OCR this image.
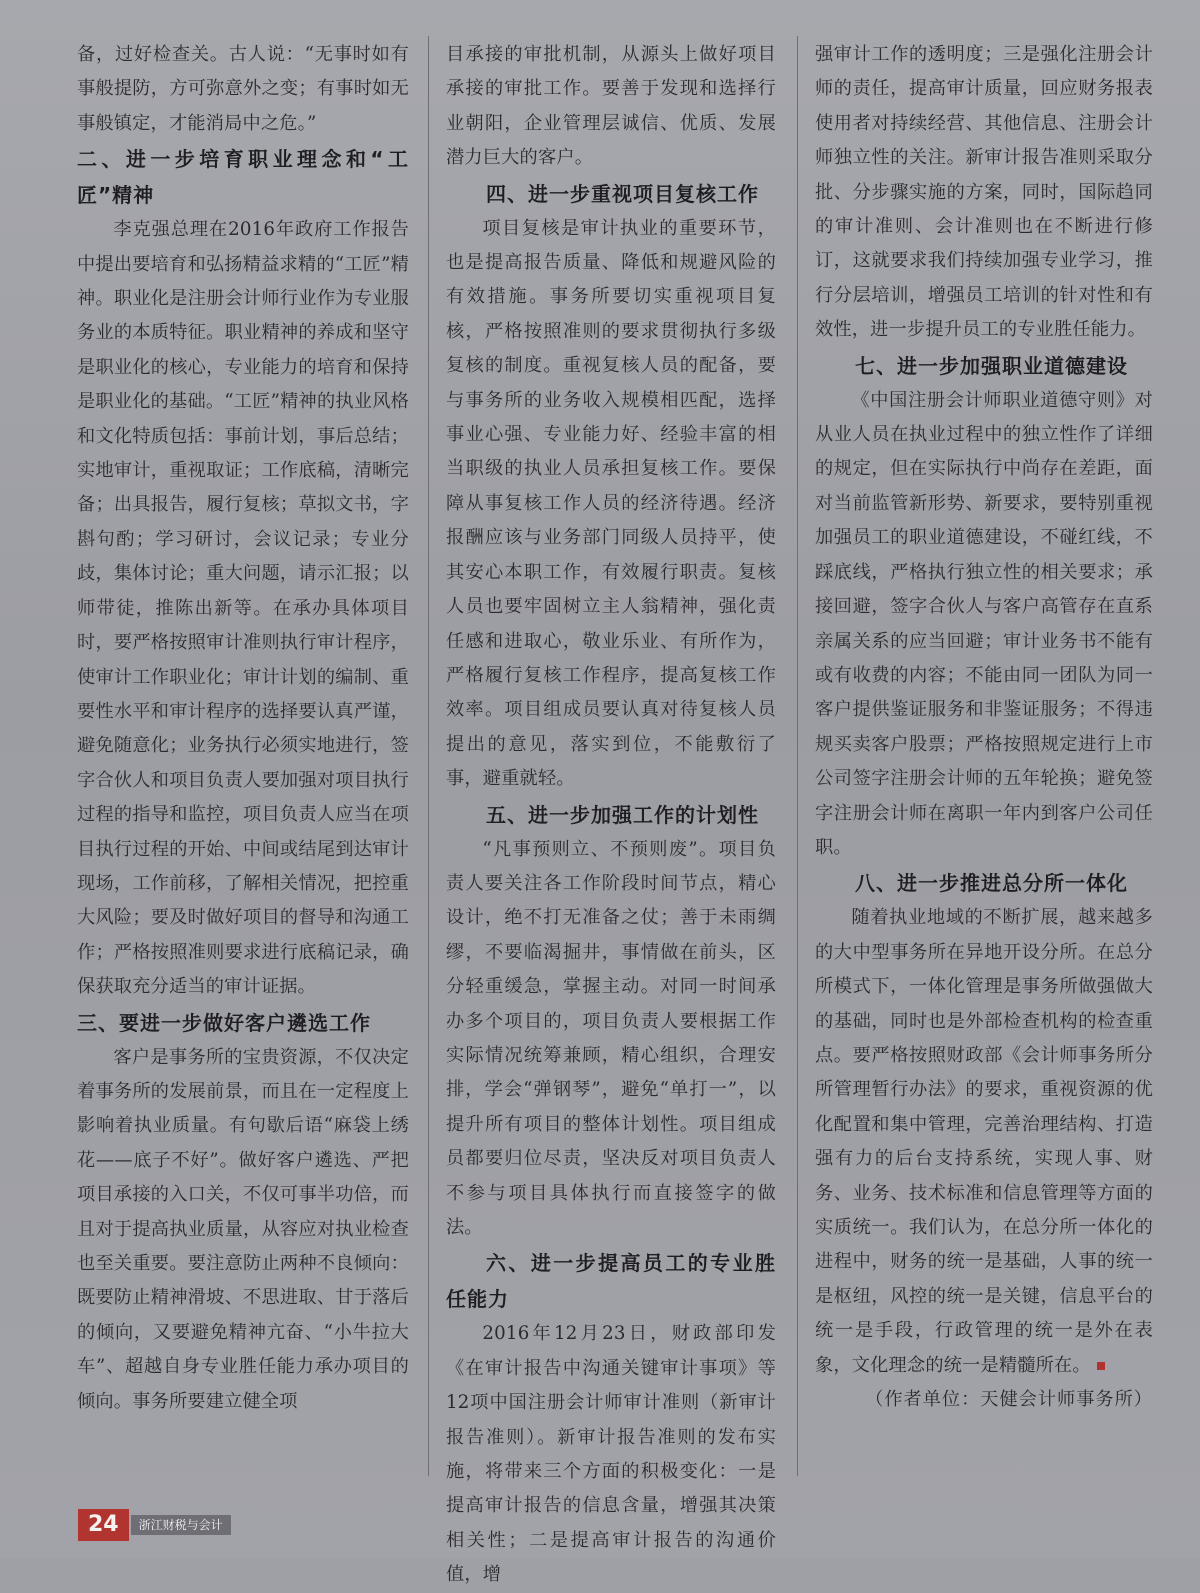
备，过好检查关。古人说：“无事时如有事般提防，方可弥意外之变；有事时如无事般镇定，才能消局中之危。”

二、进一步培育职业理念和“工匠”精神

李克强总理在2016年政府工作报告中提出要培育和弘扬精益求精的“工匠”精神。职业化是注册会计师行业作为专业服务业的本质特征。职业精神的养成和坚守是职业化的核心，专业能力的培育和保持是职业化的基础。“工匠”精神的执业风格和文化特质包括：事前计划，事后总结；实地审计，重视取证；工作底稿，清晰完备；出具报告，履行复核；草拟文书，字斟句酌；学习研讨，会议记录；专业分歧，集体讨论；重大问题，请示汇报；以师带徒，推陈出新等。在承办具体项目时，要严格按照审计准则执行审计程序，使审计工作职业化；审计计划的编制、重要性水平和审计程序的选择要认真严谨，避免随意化；业务执行必须实地进行，签字合伙人和项目负责人要加强对项目执行过程的指导和监控，项目负责人应当在项目执行过程的开始、中间或结尾到达审计现场，工作前移，了解相关情况，把控重大风险；要及时做好项目的督导和沟通工作；严格按照准则要求进行底稿记录，确保获取充分适当的审计证据。

三、要进一步做好客户遴选工作

客户是事务所的宝贵资源，不仅决定着事务所的发展前景，而且在一定程度上影响着执业质量。有句歇后语“麻袋上绣花——底子不好”。做好客户遴选、严把项目承接的入口关，不仅可事半功倍，而且对于提高执业质量，从容应对执业检查也至关重要。要注意防止两种不良倾向：既要防止精神滑坡、不思进取、甘于落后的倾向，又要避免精神亢奋、“小牛拉大车”、超越自身专业胜任能力承办项目的倾向。事务所要建立健全项

目承接的审批机制，从源头上做好项目承接的审批工作。要善于发现和选择行业朝阳，企业管理层诚信、优质、发展潜力巨大的客户。

四、进一步重视项目复核工作

项目复核是审计执业的重要环节，也是提高报告质量、降低和规避风险的有效措施。事务所要切实重视项目复核，严格按照准则的要求贯彻执行多级复核的制度。重视复核人员的配备，要与事务所的业务收入规模相匹配，选择事业心强、专业能力好、经验丰富的相当职级的执业人员承担复核工作。要保障从事复核工作人员的经济待遇。经济报酬应该与业务部门同级人员持平，使其安心本职工作，有效履行职责。复核人员也要牢固树立主人翁精神，强化责任感和进取心，敬业乐业、有所作为，严格履行复核工作程序，提高复核工作效率。项目组成员要认真对待复核人员提出的意见，落实到位，不能敷衍了事，避重就轻。

五、进一步加强工作的计划性

“凡事预则立、不预则废”。项目负责人要关注各工作阶段时间节点，精心设计，绝不打无准备之仗；善于未雨绸缪，不要临渴掘井，事情做在前头，区分轻重缓急，掌握主动。对同一时间承办多个项目的，项目负责人要根据工作实际情况统筹兼顾，精心组织，合理安排，学会“弹钢琴”，避免“单打一”，以提升所有项目的整体计划性。项目组成员都要归位尽责，坚决反对项目负责人不参与项目具体执行而直接签字的做法。

六、进一步提高员工的专业胜任能力

2016年12月23日，财政部印发《在审计报告中沟通关键审计事项》等12项中国注册会计师审计准则（新审计报告准则）。新审计报告准则的发布实施，将带来三个方面的积极变化：一是提高审计报告的信息含量，增强其决策相关性；二是提高审计报告的沟通价值，增

强审计工作的透明度；三是强化注册会计师的责任，提高审计质量，回应财务报表使用者对持续经营、其他信息、注册会计师独立性的关注。新审计报告准则采取分批、分步骤实施的方案，同时，国际趋同的审计准则、会计准则也在不断进行修订，这就要求我们持续加强专业学习，推行分层培训，增强员工培训的针对性和有效性，进一步提升员工的专业胜任能力。

七、进一步加强职业道德建设

《中国注册会计师职业道德守则》对从业人员在执业过程中的独立性作了详细的规定，但在实际执行中尚存在差距，面对当前监管新形势、新要求，要特别重视加强员工的职业道德建设，不碰红线，不踩底线，严格执行独立性的相关要求；承接回避，签字合伙人与客户高管存在直系亲属关系的应当回避；审计业务书不能有或有收费的内容；不能由同一团队为同一客户提供鉴证服务和非鉴证服务；不得违规买卖客户股票；严格按照规定进行上市公司签字注册会计师的五年轮换；避免签字注册会计师在离职一年内到客户公司任职。

八、进一步推进总分所一体化

随着执业地域的不断扩展，越来越多的大中型事务所在异地开设分所。在总分所模式下，一体化管理是事务所做强做大的基础，同时也是外部检查机构的检查重点。要严格按照财政部《会计师事务所分所管理暂行办法》的要求，重视资源的优化配置和集中管理，完善治理结构、打造强有力的后台支持系统，实现人事、财务、业务、技术标准和信息管理等方面的实质统一。我们认为，在总分所一体化的进程中，财务的统一是基础，人事的统一是枢纽，风控的统一是关键，信息平台的统一是手段，行政管理的统一是外在表象，文化理念的统一是精髓所在。

（作者单位：天健会计师事务所）

24	浙江财税与会计
